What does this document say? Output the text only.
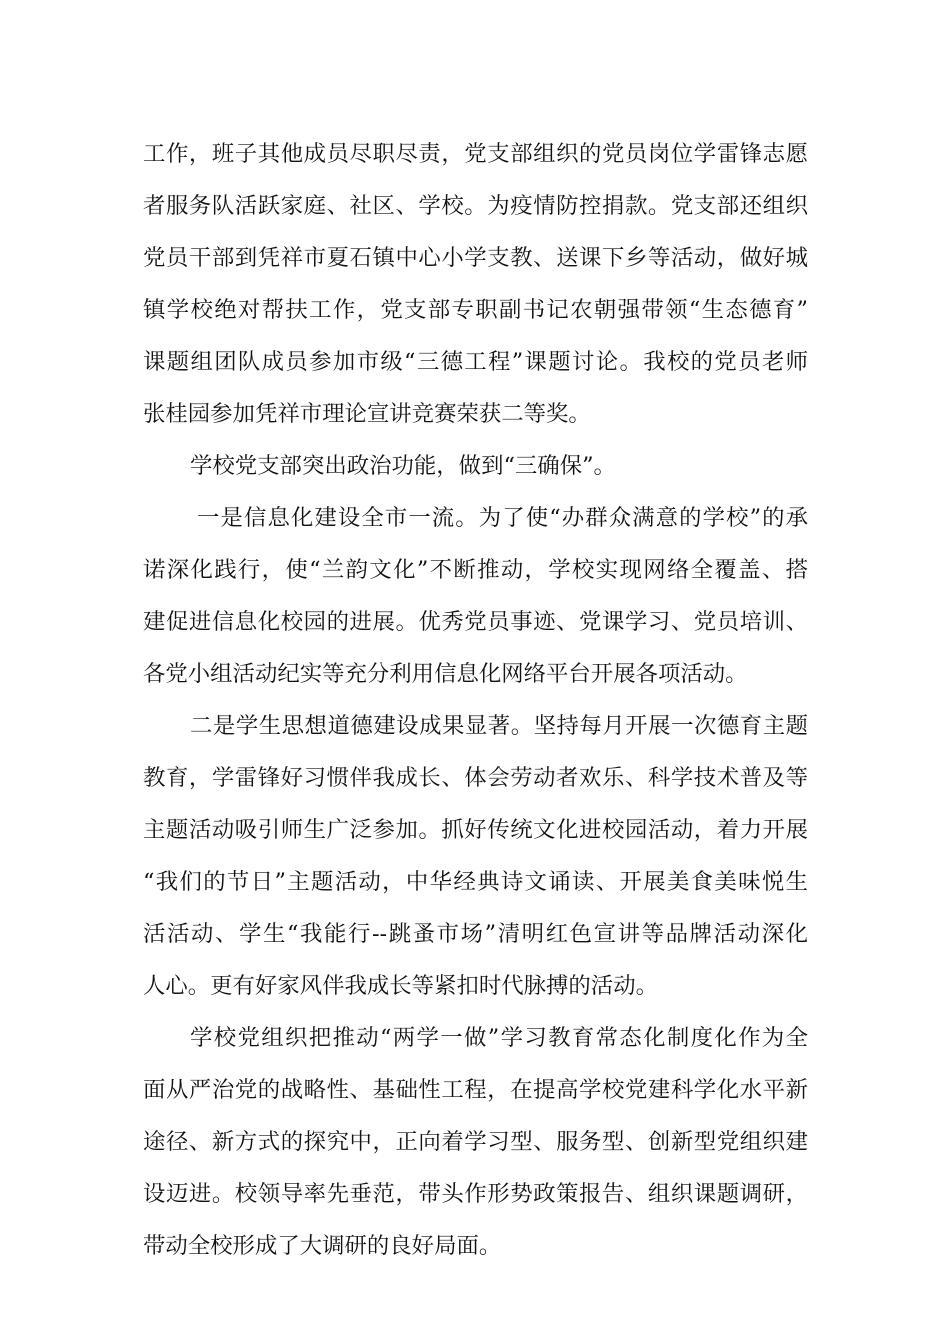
工作，班子其他成员尽职尽责，党支部组织的党员岗位学雷锋志愿
者服务队活跃家庭、社区、学校。为疫情防控捐款。党支部还组织
党员干部到凭祥市夏石镇中心小学支教、送课下乡等活动，做好城
镇学校绝对帮扶工作，党支部专职副书记农朝强带领“生态德育”
课题组团队成员参加市级“三德工程”课题讨论。我校的党员老师
张桂园参加凭祥市理论宣讲竞赛荣获二等奖。
学校党支部突出政治功能，做到“三确保”。
一是信息化建设全市一流。为了使“办群众满意的学校”的承
诺深化践行，使“兰韵文化”不断推动，学校实现网络全覆盖、搭
建促进信息化校园的进展。优秀党员事迹、党课学习、党员培训、
各党小组活动纪实等充分利用信息化网络平台开展各项活动。
二是学生思想道德建设成果显著。坚持每月开展一次德育主题
教育，学雷锋好习惯伴我成长、体会劳动者欢乐、科学技术普及等
主题活动吸引师生广泛参加。抓好传统文化进校园活动，着力开展
“我们的节日”主题活动，中华经典诗文诵读、开展美食美味悦生
活活动、学生“我能行--跳蚤市场”清明红色宣讲等品牌活动深化
人心。更有好家风伴我成长等紧扣时代脉搏的活动。
学校党组织把推动“两学一做”学习教育常态化制度化作为全
面从严治党的战略性、基础性工程，在提高学校党建科学化水平新
途径、新方式的探究中，正向着学习型、服务型、创新型党组织建
设迈进。校领导率先垂范，带头作形势政策报告、组织课题调研，
带动全校形成了大调研的良好局面。
